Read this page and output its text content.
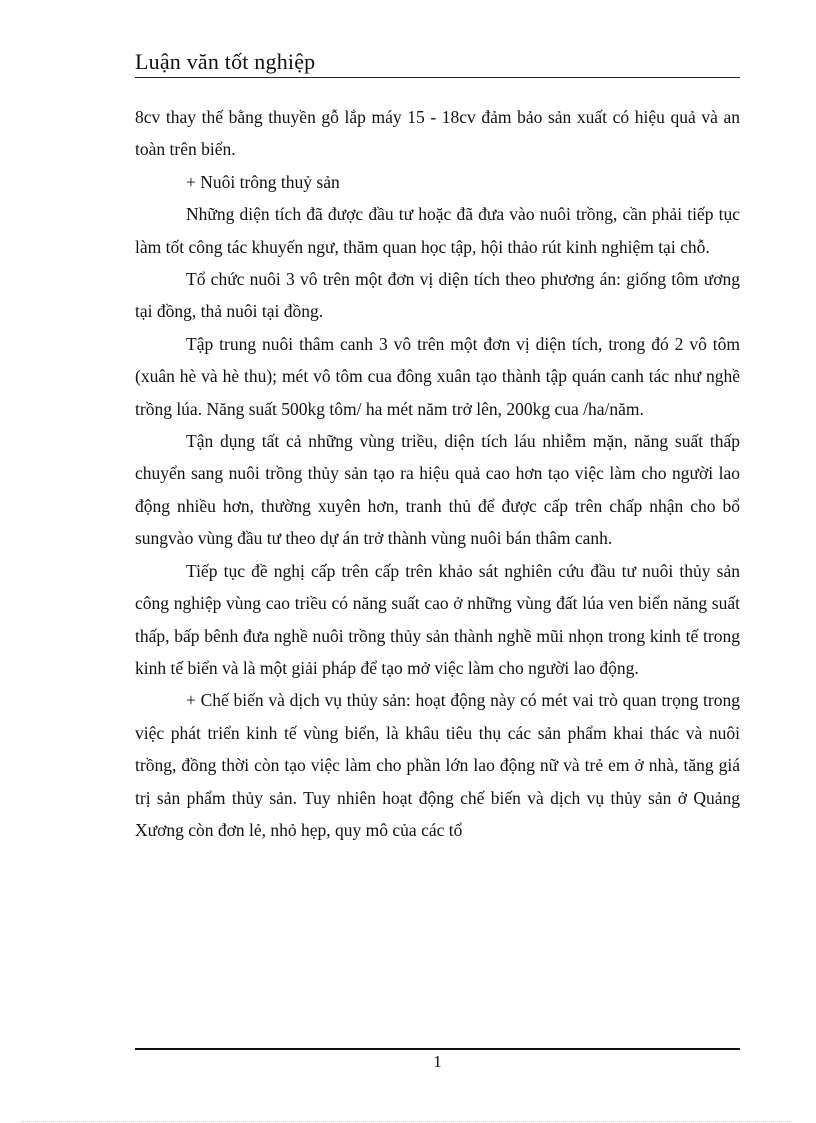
Luận văn tốt nghiệp

8cv thay thế bằng thuyền gỗ lắp máy 15 - 18cv đảm bảo sản xuất có hiệu quả và an toàn trên biển.

+ Nuôi trông thuỷ sản

Những diện tích đã được đầu tư hoặc đã đưa vào nuôi trồng, cần phải tiếp tục làm tốt công tác khuyến ngư, thăm quan học tập, hội thảo rút kinh nghiệm tại chỗ.

Tổ chức nuôi 3 vô trên một đơn vị diện tích theo phương án: giống tôm ương tại đồng, thả nuôi tại đồng.

Tập trung nuôi thâm canh 3 vô trên một đơn vị diện tích, trong đó 2 vô tôm (xuân hè và hè thu); mét vô tôm cua đông xuân tạo thành tập quán canh tác như nghề trồng lúa. Năng suất 500kg tôm/ ha mét năm trở lên, 200kg cua /ha/năm.

Tận dụng tất cả những vùng triều, diện tích láu nhiễm mặn, năng suất thấp chuyển sang nuôi trồng thủy sản tạo ra hiệu quả cao hơn tạo việc làm cho người lao động nhiều hơn, thường xuyên hơn, tranh thủ để được cấp trên chấp nhận cho bổ sungvào vùng đầu tư theo dự án trở thành vùng nuôi bán thâm canh.

Tiếp tục đề nghị cấp trên cấp trên khảo sát nghiên cứu đầu tư nuôi thủy sản công nghiệp vùng cao triều có năng suất cao ở những vùng đất lúa ven biển năng suất thấp, bấp bênh đưa nghề nuôi trồng thủy sản thành nghề mũi nhọn trong kinh tế trong kinh tế biển và là một giải pháp để tạo mở việc làm cho người lao động.

+ Chế biến và dịch vụ thủy sản: hoạt động này có mét vai trò quan trọng trong việc phát triển kinh tế vùng biển, là khâu tiêu thụ các sản phẩm khai thác và nuôi trồng, đồng thời còn tạo việc làm cho phần lớn lao động nữ và trẻ em ở nhà, tăng giá trị sản phẩm thủy sản. Tuy nhiên hoạt động chế biến và dịch vụ thủy sản ở Quảng Xương còn đơn lẻ, nhỏ hẹp, quy mô của các tổ

1
